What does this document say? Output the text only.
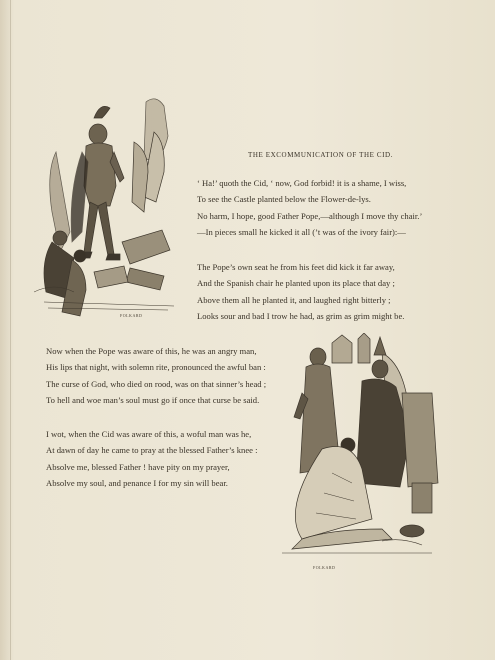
FOLKARD
THE EXCOMMUNICATION OF THE CID.
‘ Ha!’ quoth the Cid, ‘ now, God forbid! it is a shame, I wiss,
To see the Castle planted below the Flower-de-lys.
No harm, I hope, good Father Pope,—although I move thy chair.’
—In pieces small he kicked it all (’t was of the ivory fair):—
The Pope’s own seat he from his feet did kick it far away,
And the Spanish chair he planted upon its place that day ;
Above them all he planted it, and laughed right bitterly ;
Looks sour and bad I trow he had, as grim as grim might be.
Now when the Pope was aware of this, he was an angry man,
His lips that night, with solemn rite, pronounced the awful ban :
The curse of God, who died on rood, was on that sinner’s head ;
To hell and woe man’s soul must go if once that curse be said.
I wot, when the Cid was aware of this, a woful man was he,
At dawn of day he came to pray at the blessed Father’s knee :
Absolve me, blessed Father ! have pity on my prayer,
Absolve my soul, and penance I for my sin will bear.
FOLKARD
